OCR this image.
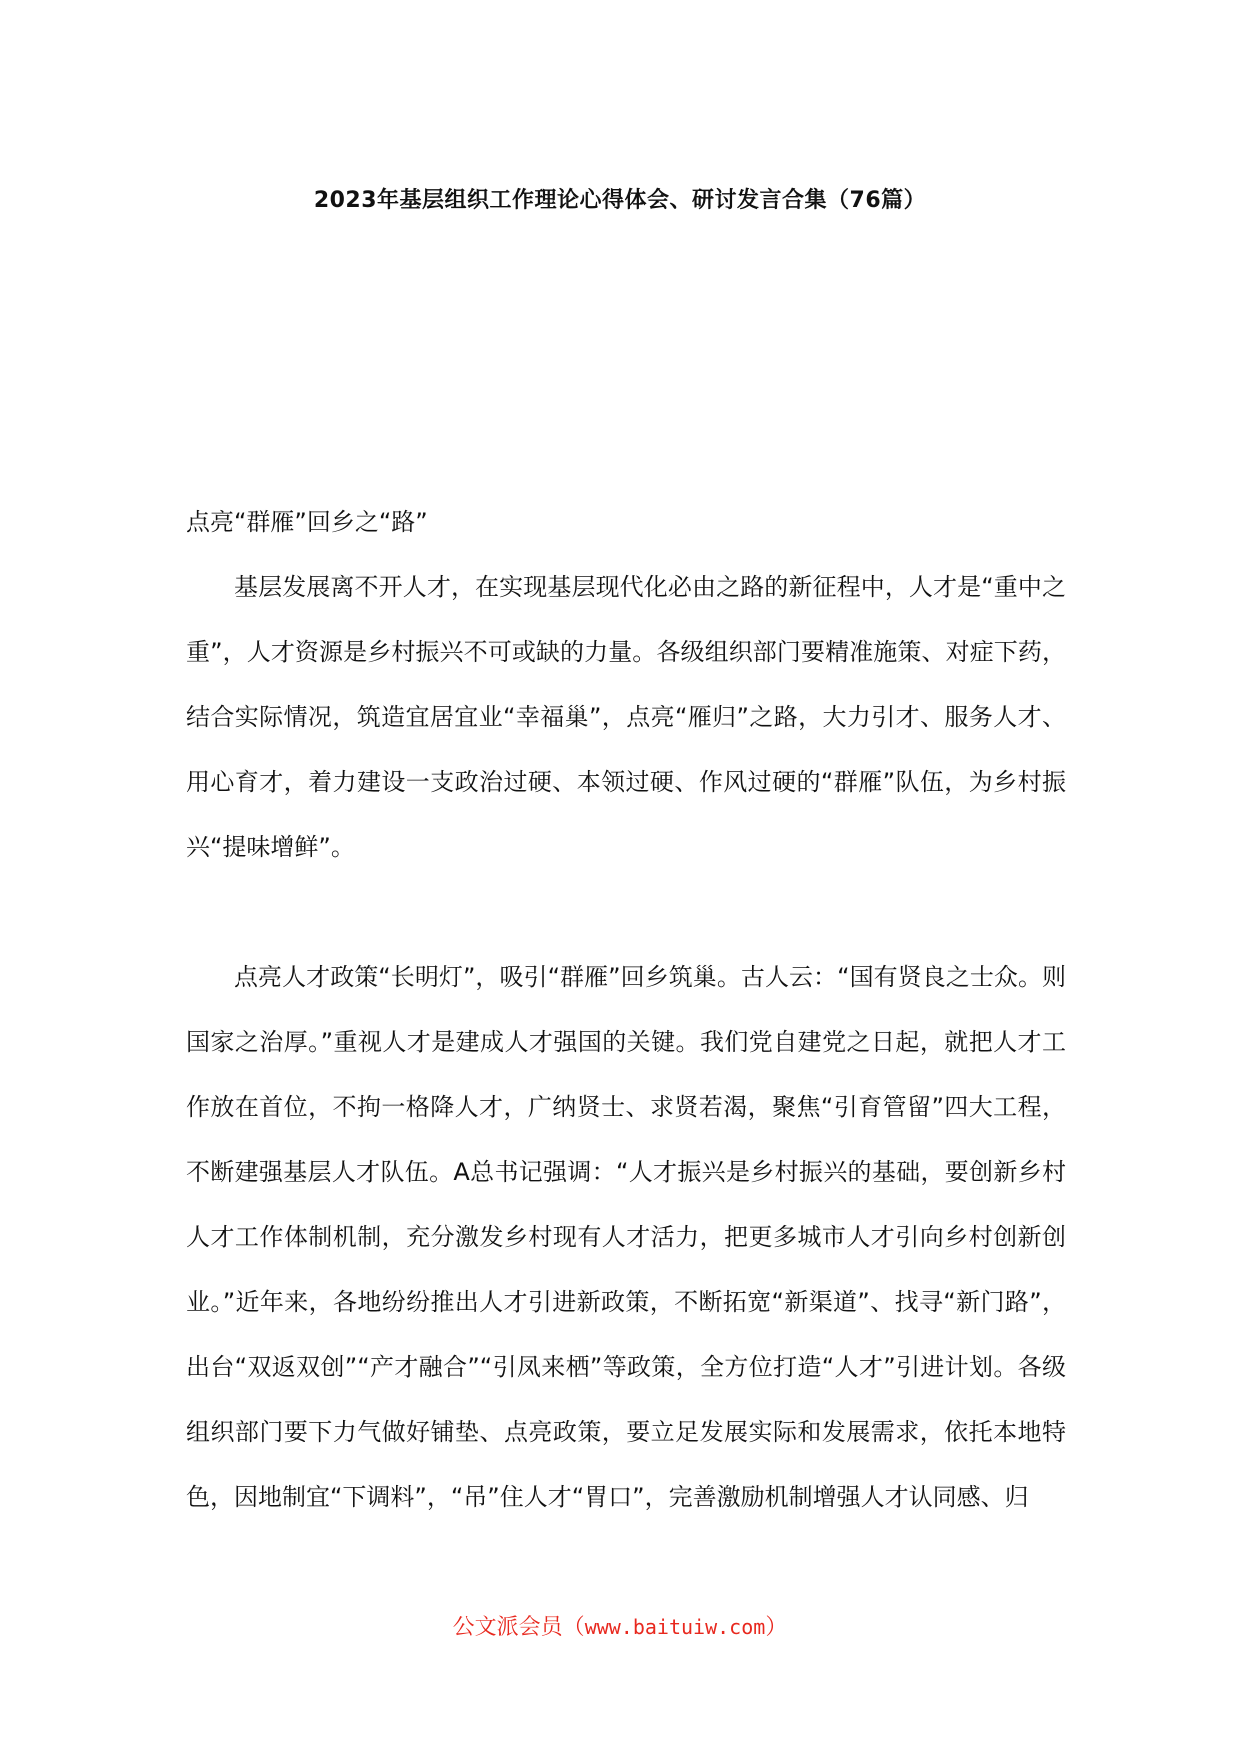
2023年基层组织工作理论心得体会、研讨发言合集（76篇）

点亮“群雁”回乡之“路”

基层发展离不开人才，在实现基层现代化必由之路的新征程中，人才是“重中之重”，人才资源是乡村振兴不可或缺的力量。各级组织部门要精准施策、对症下药，结合实际情况，筑造宜居宜业“幸福巢”，点亮“雁归”之路，大力引才、服务人才、用心育才，着力建设一支政治过硬、本领过硬、作风过硬的“群雁”队伍，为乡村振兴“提味增鲜”。

点亮人才政策“长明灯”，吸引“群雁”回乡筑巢。古人云：“国有贤良之士众。则国家之治厚。”重视人才是建成人才强国的关键。我们党自建党之日起，就把人才工作放在首位，不拘一格降人才，广纳贤士、求贤若渴，聚焦“引育管留”四大工程，不断建强基层人才队伍。A总书记强调：“人才振兴是乡村振兴的基础，要创新乡村人才工作体制机制，充分激发乡村现有人才活力，把更多城市人才引向乡村创新创业。”近年来，各地纷纷推出人才引进新政策，不断拓宽“新渠道”、找寻“新门路”，出台“双返双创”“产才融合”“引凤来栖”等政策，全方位打造“人才”引进计划。各级组织部门要下力气做好铺垫、点亮政策，要立足发展实际和发展需求，依托本地特色，因地制宜“下调料”，“吊”住人才“胃口”，完善激励机制增强人才认同感、归

公文派会员（www.baituiw.com）
